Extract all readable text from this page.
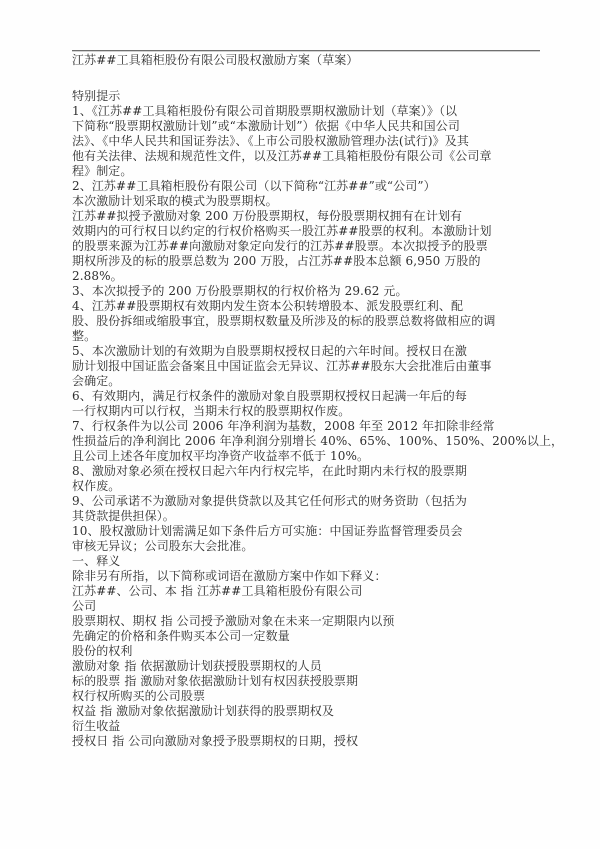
江苏##工具箱柜股份有限公司股权激励方案（草案）
特别提示
1、《江苏##工具箱柜股份有限公司首期股票期权激励计划（草案）》（以
下简称“股票期权激励计划”或“本激励计划”）依据《中华人民共和国公司
法》、《中华人民共和国证券法》、《上市公司股权激励管理办法(试行)》及其
他有关法律、法规和规范性文件，以及江苏##工具箱柜股份有限公司《公司章
程》制定。
2、江苏##工具箱柜股份有限公司（以下简称“江苏##”或“公司”）
本次激励计划采取的模式为股票期权。
江苏##拟授予激励对象 200 万份股票期权，每份股票期权拥有在计划有
效期内的可行权日以约定的行权价格购买一股江苏##股票的权利。本激励计划
的股票来源为江苏##向激励对象定向发行的江苏##股票。本次拟授予的股票
期权所涉及的标的股票总数为 200 万股，占江苏##股本总额 6,950 万股的
2.88%。
3、本次拟授予的 200 万份股票期权的行权价格为 29.62 元。
4、江苏##股票期权有效期内发生资本公积转增股本、派发股票红利、配
股、股份拆细或缩股事宜，股票期权数量及所涉及的标的股票总数将做相应的调
整。
5、本次激励计划的有效期为自股票期权授权日起的六年时间。授权日在激
励计划报中国证监会备案且中国证监会无异议、江苏##股东大会批准后由董事
会确定。
6、有效期内，满足行权条件的激励对象自股票期权授权日起满一年后的每
一行权期内可以行权，当期未行权的股票期权作废。
7、行权条件为以公司 2006 年净利润为基数，2008 年至 2012 年扣除非经常
性损益后的净利润比 2006 年净利润分别增长 40%、65%、100%、150%、200%以上，
且公司上述各年度加权平均净资产收益率不低于 10%。
8、激励对象必须在授权日起六年内行权完毕，在此时期内未行权的股票期
权作废。
9、公司承诺不为激励对象提供贷款以及其它任何形式的财务资助（包括为
其贷款提供担保）。
10、股权激励计划需满足如下条件后方可实施：中国证券监督管理委员会
审核无异议；公司股东大会批准。
一、释义
除非另有所指，以下简称或词语在激励方案中作如下释义：
江苏##、公司、本 指 江苏##工具箱柜股份有限公司
公司
股票期权、期权 指 公司授予激励对象在未来一定期限内以预
先确定的价格和条件购买本公司一定数量
股份的权利
激励对象 指 依据激励计划获授股票期权的人员
标的股票 指 激励对象依据激励计划有权因获授股票期
权行权所购买的公司股票
权益 指 激励对象依据激励计划获得的股票期权及
衍生收益
授权日 指 公司向激励对象授予股票期权的日期，授权
